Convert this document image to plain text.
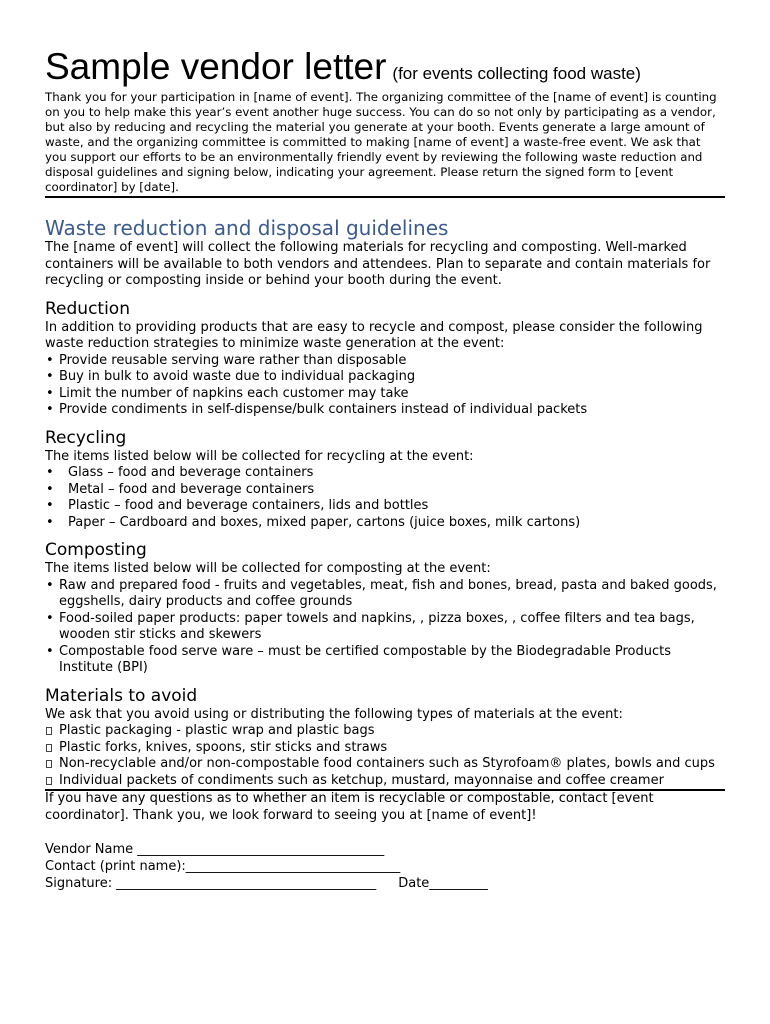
Sample vendor letter (for events collecting food waste)
Thank you for your participation in [name of event]. The organizing committee of the [name of event] is counting on you to help make this year’s event another huge success. You can do so not only by participating as a vendor, but also by reducing and recycling the material you generate at your booth. Events generate a large amount of waste, and the organizing committee is committed to making [name of event] a waste-free event. We ask that you support our efforts to be an environmentally friendly event by reviewing the following waste reduction and disposal guidelines and signing below, indicating your agreement. Please return the signed form to [event coordinator] by [date].
Waste reduction and disposal guidelines
The [name of event] will collect the following materials for recycling and composting. Well-marked containers will be available to both vendors and attendees. Plan to separate and contain materials for recycling or composting inside or behind your booth during the event.
Reduction
In addition to providing products that are easy to recycle and compost, please consider the following waste reduction strategies to minimize waste generation at the event:
• Provide reusable serving ware rather than disposable
• Buy in bulk to avoid waste due to individual packaging
• Limit the number of napkins each customer may take
• Provide condiments in self-dispense/bulk containers instead of individual packets
Recycling
The items listed below will be collected for recycling at the event:
• Glass – food and beverage containers
• Metal – food and beverage containers
• Plastic – food and beverage containers, lids and bottles
• Paper – Cardboard and boxes, mixed paper, cartons (juice boxes, milk cartons)
Composting
The items listed below will be collected for composting at the event:
• Raw and prepared food - fruits and vegetables, meat, fish and bones, bread, pasta and baked goods, eggshells, dairy products and coffee grounds
• Food-soiled paper products: paper towels and napkins, , pizza boxes, , coffee filters and tea bags, wooden stir sticks and skewers
• Compostable food serve ware – must be certified compostable by the Biodegradable Products Institute (BPI)
Materials to avoid
We ask that you avoid using or distributing the following types of materials at the event:
Plastic packaging - plastic wrap and plastic bags
Plastic forks, knives, spoons, stir sticks and straws
Non-recyclable and/or non-compostable food containers such as Styrofoam® plates, bowls and cups
Individual packets of condiments such as ketchup, mustard, mayonnaise and coffee creamer
If you have any questions as to whether an item is recyclable or compostable, contact [event coordinator]. Thank you, we look forward to seeing you at [name of event]!
Vendor Name ______________________________________
Contact (print name):_________________________________
Signature: ________________________________________ Date_________
